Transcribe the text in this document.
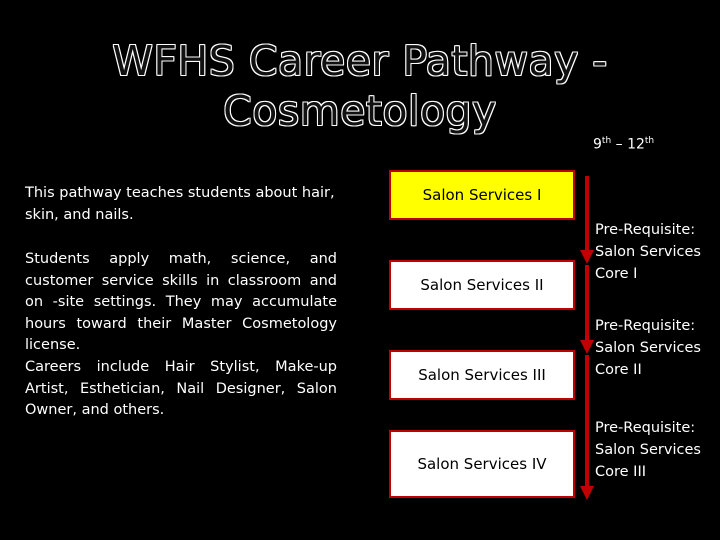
WFHS Career Pathway -
Cosmetology
9th – 12th
This pathway teaches students about hair, skin, and nails.
Students apply math, science, and customer service skills in classroom and on -site settings. They may accumulate hours toward their Master Cosmetology license.
Careers include Hair Stylist, Make-up Artist, Esthetician, Nail Designer, Salon Owner, and others.
Salon Services I
Salon Services II
Salon Services III
Salon Services IV
Pre-Requisite:
Salon Services
Core I
Pre-Requisite:
Salon Services
Core II
Pre-Requisite:
Salon Services
Core III
